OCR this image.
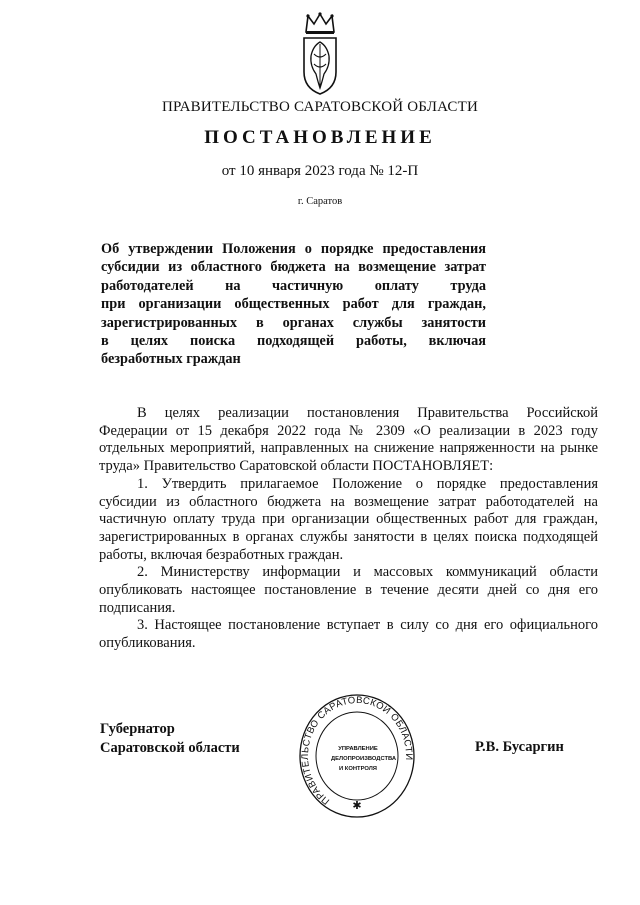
ПРАВИТЕЛЬСТВО САРАТОВСКОЙ ОБЛАСТИ
ПОСТАНОВЛЕНИЕ
от 10 января 2023 года № 12-П
г. Саратов
Об утверждении Положения о порядке предоставления
субсидии из областного бюджета на возмещение затрат
работодателей на частичную оплату труда
при организации общественных работ для граждан,
зарегистрированных в органах службы занятости
в целях поиска подходящей работы, включая
безработных граждан

В целях реализации постановления Правительства Российской Федерации от 15 декабря 2022 года № 2309 «О реализации в 2023 году отдельных мероприятий, направленных на снижение напряженности на рынке труда» Правительство Саратовской области ПОСТАНОВЛЯЕТ:

1. Утвердить прилагаемое Положение о порядке предоставления субсидии из областного бюджета на возмещение затрат работодателей на частичную оплату труда при организации общественных работ для граждан, зарегистрированных в органах службы занятости в целях поиска подходящей работы, включая безработных граждан.

2. Министерству информации и массовых коммуникаций области опубликовать настоящее постановление в течение десяти дней со дня его подписания.

3. Настоящее постановление вступает в силу со дня его официального опубликования.

Губернатор
Саратовской области	Р.В. Бусаргин
ПРАВИТЕЛЬСТВО САРАТОВСКОЙ ОБЛАСТИ
✱
УПРАВЛЕНИЕ
ДЕЛОПРОИЗВОДСТВА
И КОНТРОЛЯ
